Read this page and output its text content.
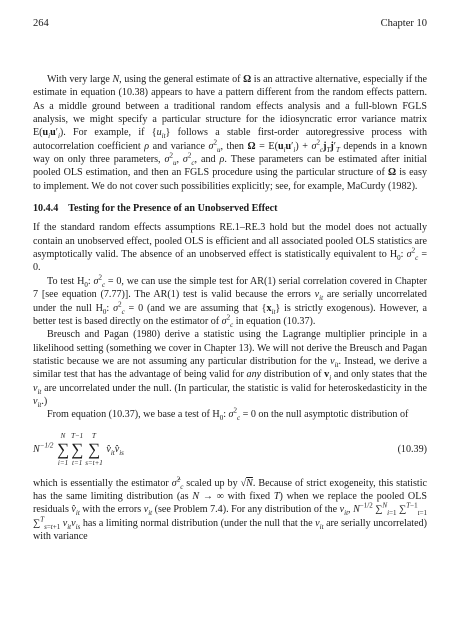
264	Chapter 10

With very large N, using the general estimate of Ω is an attractive alternative, especially if the estimate in equation (10.38) appears to have a pattern different from the random effects pattern. As a middle ground between a traditional random effects analysis and a full-blown FGLS analysis, we might specify a particular structure for the idiosyncratic error variance matrix $E(u_iu'_i)$. For example, if $\{u_{it}\}$ follows a stable first-order autoregressive process with autocorrelation coefficient ρ and variance $\sigma^2_u$, then $\Omega = E(u_iu'_i) + \sigma^2_cj_Tj'_T$ depends in a known way on only three parameters, $\sigma^2_u$, $\sigma^2_c$, and ρ. These parameters can be estimated after initial pooled OLS estimation, and then an FGLS procedure using the particular structure of Ω is easy to implement. We do not cover such possibilities explicitly; see, for example, MaCurdy (1982).

10.4.4 Testing for the Presence of an Unobserved Effect

If the standard random effects assumptions RE.1–RE.3 hold but the model does not actually contain an unobserved effect, pooled OLS is efficient and all associated pooled OLS statistics are asymptotically valid. The absence of an unobserved effect is statistically equivalent to $H_0$: $\sigma^2_c = 0$.

To test $H_0$: $\sigma^2_c = 0$, we can use the simple test for AR(1) serial correlation covered in Chapter 7 [see equation (7.77)]. The AR(1) test is valid because the errors $v_{it}$ are serially uncorrelated under the null $H_0$: $\sigma^2_c = 0$ (and we are assuming that $\{x_{it}\}$ is strictly exogenous). However, a better test is based directly on the estimator of $\sigma^2_c$ in equation (10.37).

Breusch and Pagan (1980) derive a statistic using the Lagrange multiplier principle in a likelihood setting (something we cover in Chapter 13). We will not derive the Breusch and Pagan statistic because we are not assuming any particular distribution for the $v_{it}$. Instead, we derive a similar test that has the advantage of being valid for any distribution of $v_i$ and only states that the $v_{it}$ are uncorrelated under the null. (In particular, the statistic is valid for heteroskedasticity in the $v_{it}$.)

From equation (10.37), we base a test of $H_0$: $\sigma^2_c = 0$ on the null asymptotic distribution of

$N^{-1/2}$
N
∑
i=1
T−1
∑
t=1
T
∑
s=t+1
$v̂_{it}v̂_{is}$	(10.39)

which is essentially the estimator σ̂$^2_c$ scaled up by √N. Because of strict exogeneity, this statistic has the same limiting distribution (as N → ∞ with fixed T) when we replace the pooled OLS residuals $v̂_{it}$ with the errors $v_{it}$ (see Problem 7.4). For any distribution of the $v_{it}$, $N^{-1/2}$ ∑$^N_{i=1}$ ∑$^{T-1}_{t=1}$ ∑$^T_{s=t+1}$ $v_{it}v_{is}$ has a limiting normal distribution (under the null that the $v_{it}$ are serially uncorrelated) with variance
